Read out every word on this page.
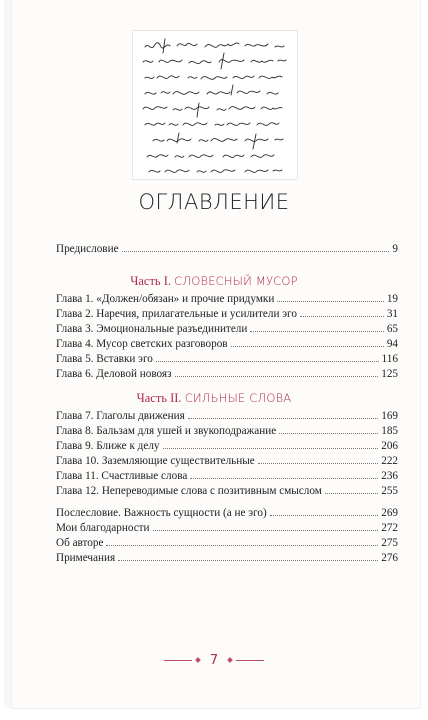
ОГЛАВЛЕНИЕ
Предисловие	9
Часть I. СЛОВЕСНЫЙ МУСОР
Глава 1. «Должен/обязан» и прочие придумки	19
Глава 2. Наречия, прилагательные и усилители эго	31
Глава 3. Эмоциональные разъединители	65
Глава 4. Мусор светских разговоров	94
Глава 5. Вставки эго	116
Глава 6. Деловой новояз	125
Часть II. СИЛЬНЫЕ СЛОВА
Глава 7. Глаголы движения	169
Глава 8. Бальзам для ушей и звукоподражание	185
Глава 9. Ближе к делу	206
Глава 10. Заземляющие существительные	222
Глава 11. Счастливые слова	236
Глава 12. Непереводимые слова с позитивным смыслом	255
Послесловие. Важность сущности (а не эго)	269
Мои благодарности	272
Об авторе	275
Примечания	276
7
